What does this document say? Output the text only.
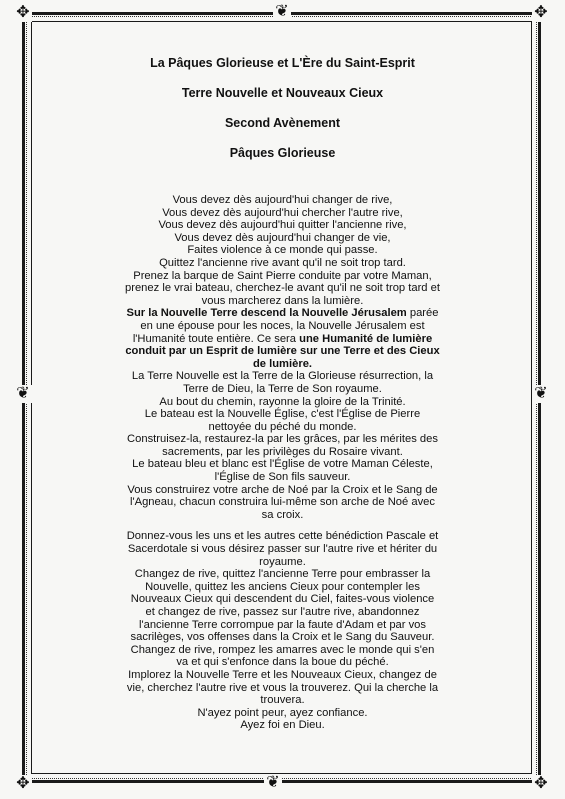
✥	✥
✥	✥
❦
❦
❦	❦
La Pâques Glorieuse et L'Ère du Saint-Esprit
Terre Nouvelle et Nouveaux Cieux
Second Avènement
Pâques Glorieuse

Vous devez dès aujourd'hui changer de rive,

Vous devez dès aujourd'hui chercher l'autre rive,

Vous devez dès aujourd'hui quitter l'ancienne rive,

Vous devez dès aujourd'hui changer de vie,

Faites violence à ce monde qui passe.

Quittez l'ancienne rive avant qu'il ne soit trop tard.

Prenez la barque de Saint Pierre conduite par votre Maman,

prenez le vrai bateau, cherchez-le avant qu'il ne soit trop tard et

vous marcherez dans la lumière.

Sur la Nouvelle Terre descend la Nouvelle Jérusalem parée

en une épouse pour les noces, la Nouvelle Jérusalem est

l'Humanité toute entière. Ce sera une Humanité de lumière

conduit par un Esprit de lumière sur une Terre et des Cieux

de lumière.

La Terre Nouvelle est la Terre de la Glorieuse résurrection, la

Terre de Dieu, la Terre de Son royaume.

Au bout du chemin, rayonne la gloire de la Trinité.

Le bateau est la Nouvelle Église, c'est l'Église de Pierre

nettoyée du péché du monde.

Construisez-la, restaurez-la par les grâces, par les mérites des

sacrements, par les privilèges du Rosaire vivant.

Le bateau bleu et blanc est l'Église de votre Maman Céleste,

l'Église de Son fils sauveur.

Vous construirez votre arche de Noé par la Croix et le Sang de

l'Agneau, chacun construira lui-même son arche de Noé avec

sa croix.

Donnez-vous les uns et les autres cette bénédiction Pascale et

Sacerdotale si vous désirez passer sur l'autre rive et hériter du

royaume.

Changez de rive, quittez l'ancienne Terre pour embrasser la

Nouvelle, quittez les anciens Cieux pour contempler les

Nouveaux Cieux qui descendent du Ciel, faites-vous violence

et changez de rive, passez sur l'autre rive, abandonnez

l'ancienne Terre corrompue par la faute d'Adam et par vos

sacrilèges, vos offenses dans la Croix et le Sang du Sauveur.

Changez de rive, rompez les amarres avec le monde qui s'en

va et qui s'enfonce dans la boue du péché.

Implorez la Nouvelle Terre et les Nouveaux Cieux, changez de

vie, cherchez l'autre rive et vous la trouverez. Qui la cherche la

trouvera.

N'ayez point peur, ayez confiance.

Ayez foi en Dieu.
